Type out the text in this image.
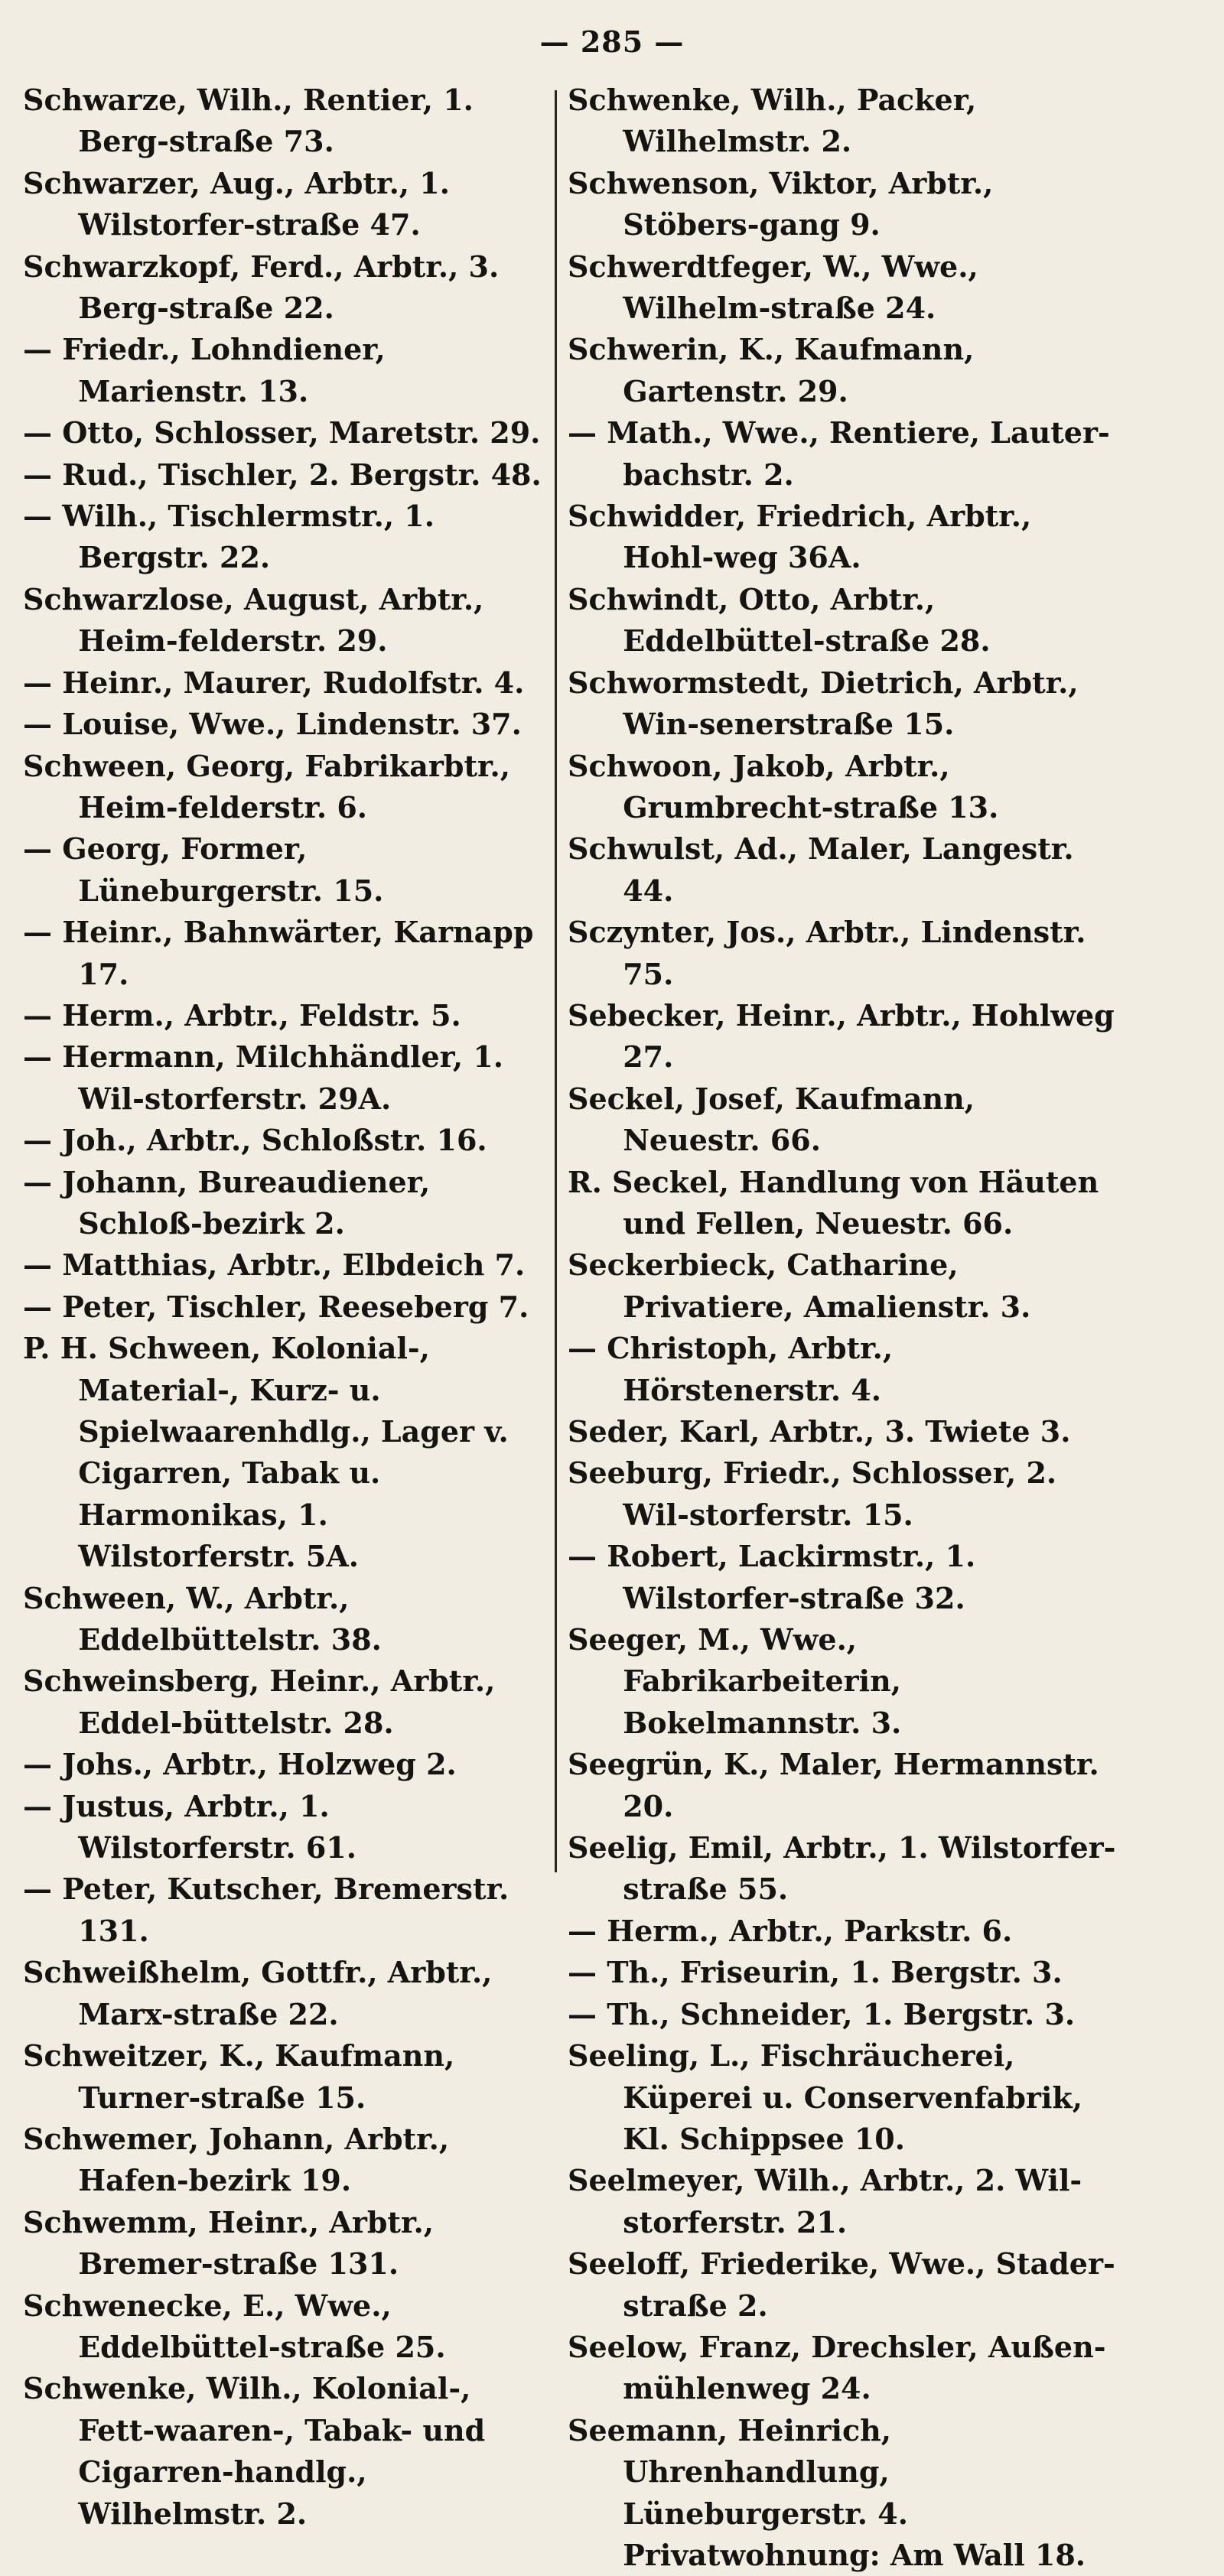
— 285 —
Schwarze, Wilh., Rentier, 1. Berg-straße 73.
Schwarzer, Aug., Arbtr., 1. Wilstorfer-straße 47.
Schwarzkopf, Ferd., Arbtr., 3. Berg-straße 22.
— Friedr., Lohndiener, Marienstr. 13.
— Otto, Schlosser, Maretstr. 29.
— Rud., Tischler, 2. Bergstr. 48.
— Wilh., Tischlermstr., 1. Bergstr. 22.
Schwarzlose, August, Arbtr., Heim-felderstr. 29.
— Heinr., Maurer, Rudolfstr. 4.
— Louise, Wwe., Lindenstr. 37.
Schween, Georg, Fabrikarbtr., Heim-felderstr. 6.
— Georg, Former, Lüneburgerstr. 15.
— Heinr., Bahnwärter, Karnapp 17.
— Herm., Arbtr., Feldstr. 5.
— Hermann, Milchhändler, 1. Wil-storferstr. 29A.
— Joh., Arbtr., Schloßstr. 16.
— Johann, Bureaudiener, Schloß-bezirk 2.
— Matthias, Arbtr., Elbdeich 7.
— Peter, Tischler, Reeseberg 7.
P. H. Schween, Kolonial-, Material-, Kurz- u. Spielwaarenhdlg., Lager v. Cigarren, Tabak u. Harmonikas, 1. Wilstorferstr. 5A.
Schween, W., Arbtr., Eddelbüttelstr. 38.
Schweinsberg, Heinr., Arbtr., Eddel-büttelstr. 28.
— Johs., Arbtr., Holzweg 2.
— Justus, Arbtr., 1. Wilstorferstr. 61.
— Peter, Kutscher, Bremerstr. 131.
Schweißhelm, Gottfr., Arbtr., Marx-straße 22.
Schweitzer, K., Kaufmann, Turner-straße 15.
Schwemer, Johann, Arbtr., Hafen-bezirk 19.
Schwemm, Heinr., Arbtr., Bremer-straße 131.
Schwenecke, E., Wwe., Eddelbüttel-straße 25.
Schwenke, Wilh., Kolonial-, Fett-waaren-, Tabak- und Cigarren-handlg., Wilhelmstr. 2.
Schwenke, Wilh., Packer, Wilhelmstr. 2.
Schwenson, Viktor, Arbtr., Stöbers-gang 9.
Schwerdtfeger, W., Wwe., Wilhelm-straße 24.
Schwerin, K., Kaufmann, Gartenstr. 29.
— Math., Wwe., Rentiere, Lauter-bachstr. 2.
Schwidder, Friedrich, Arbtr., Hohl-weg 36A.
Schwindt, Otto, Arbtr., Eddelbüttel-straße 28.
Schwormstedt, Dietrich, Arbtr., Win-senerstraße 15.
Schwoon, Jakob, Arbtr., Grumbrecht-straße 13.
Schwulst, Ad., Maler, Langestr. 44.
Sczynter, Jos., Arbtr., Lindenstr. 75.
Sebecker, Heinr., Arbtr., Hohlweg 27.
Seckel, Josef, Kaufmann, Neuestr. 66.
R. Seckel, Handlung von Häuten und Fellen, Neuestr. 66.
Seckerbieck, Catharine, Privatiere, Amalienstr. 3.
— Christoph, Arbtr., Hörstenerstr. 4.
Seder, Karl, Arbtr., 3. Twiete 3.
Seeburg, Friedr., Schlosser, 2. Wil-storferstr. 15.
— Robert, Lackirmstr., 1. Wilstorfer-straße 32.
Seeger, M., Wwe., Fabrikarbeiterin, Bokelmannstr. 3.
Seegrün, K., Maler, Hermannstr. 20.
Seelig, Emil, Arbtr., 1. Wilstorfer-straße 55.
— Herm., Arbtr., Parkstr. 6.
— Th., Friseurin, 1. Bergstr. 3.
— Th., Schneider, 1. Bergstr. 3.
Seeling, L., Fischräucherei, Küperei u. Conservenfabrik, Kl. Schippsee 10.
Seelmeyer, Wilh., Arbtr., 2. Wil-storferstr. 21.
Seeloff, Friederike, Wwe., Stader-straße 2.
Seelow, Franz, Drechsler, Außen-mühlenweg 24.
Seemann, Heinrich, Uhrenhandlung, Lüneburgerstr. 4. Privatwohnung: Am Wall 18.
